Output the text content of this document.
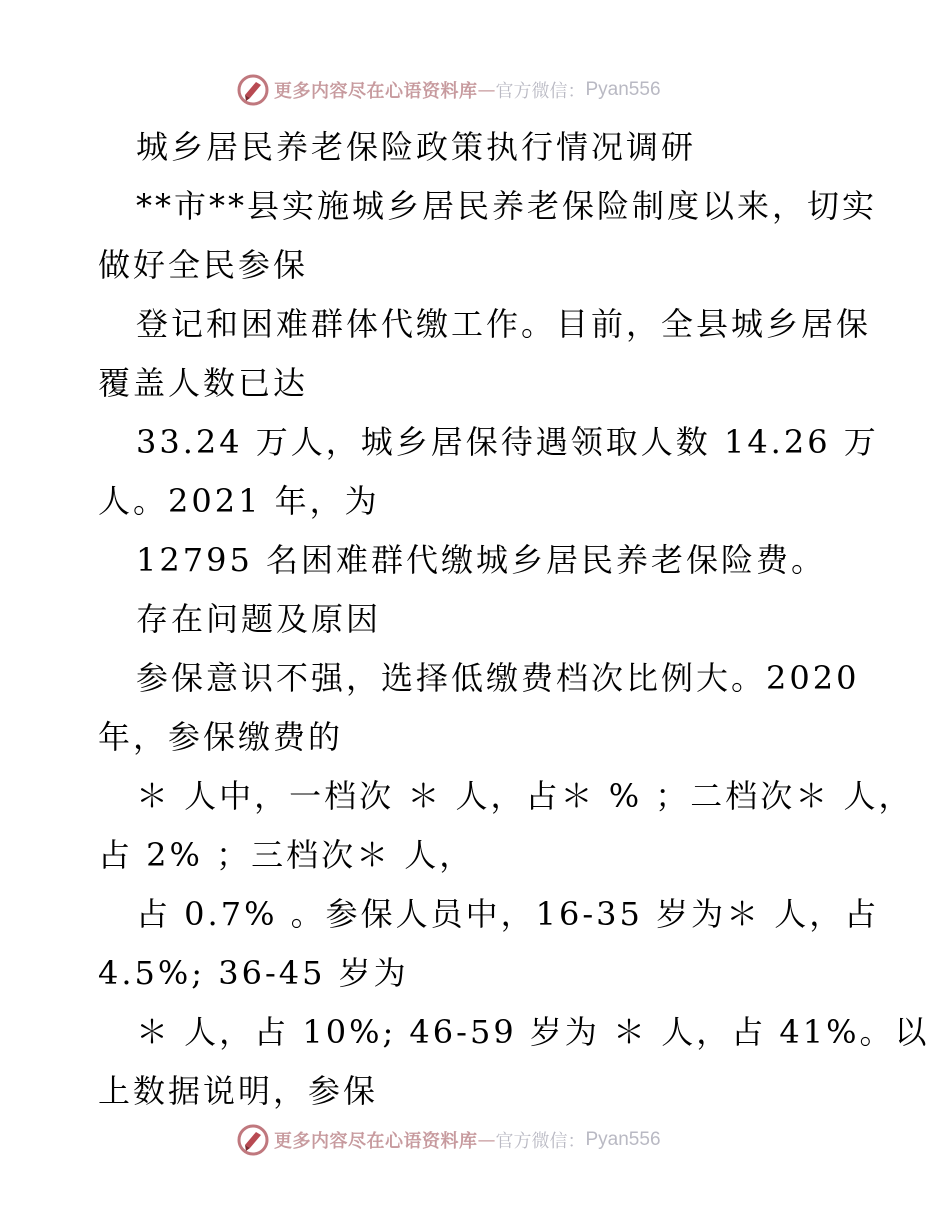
更多内容尽在心语资料库 — 官方微信： Pyan556
城乡居民养老保险政策执行情况调研
**市**县实施城乡居民养老保险制度以来，切实
做好全民参保
登记和困难群体代缴工作。目前，全县城乡居保
覆盖人数已达
33.24 万人，城乡居保待遇领取人数 14.26 万
人。2021 年，为
12795 名困难群代缴城乡居民养老保险费。
存在问题及原因
参保意识不强，选择低缴费档次比例大。2020
年，参保缴费的
＊ 人中，一档次 ＊ 人，占＊ % ；二档次＊ 人，
占 2% ；三档次＊ 人，
占 0.7% 。参保人员中，16-35 岁为＊ 人，占
4.5%; 36-45 岁为
＊ 人，占 10%; 46-59 岁为 ＊ 人，占 41%。以
上数据说明，参保
更多内容尽在心语资料库 — 官方微信： Pyan556
